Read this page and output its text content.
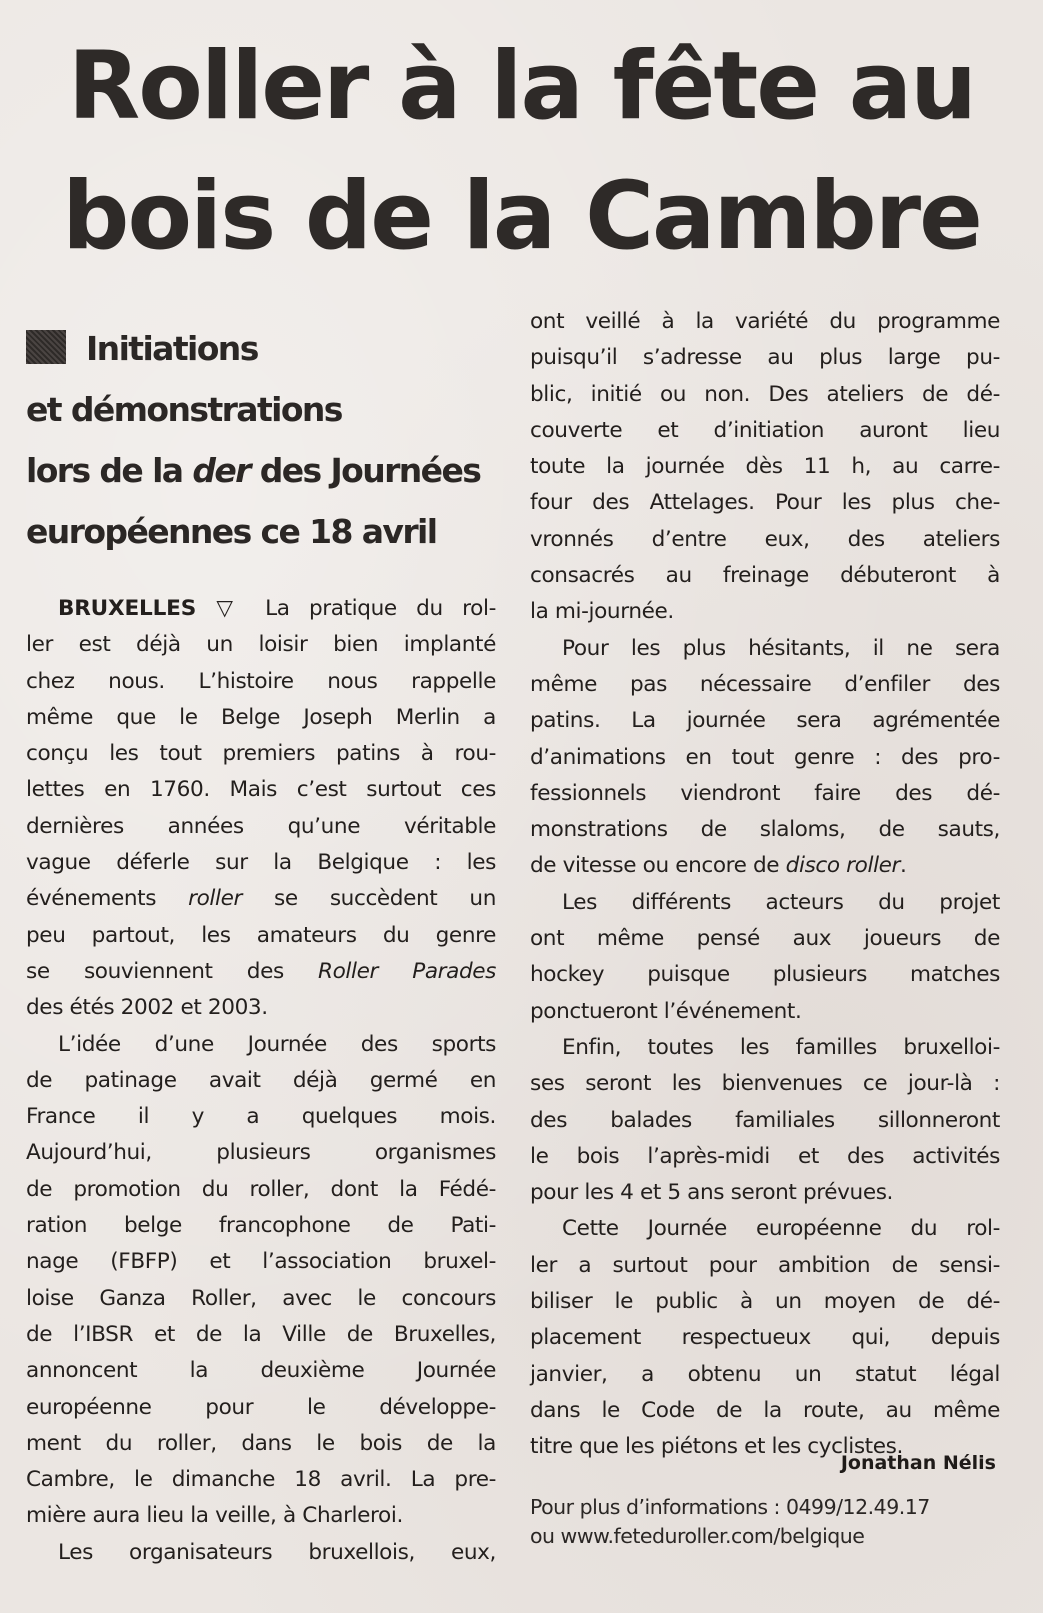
Roller à la fête au
bois de la Cambre
Initiations
et démonstrations
lors de la der des Journées
européennes ce 18 avril

BRUXELLES ▽ La pratique du rol-

ler est déjà un loisir bien implanté

chez nous. L’histoire nous rappelle

même que le Belge Joseph Merlin a

conçu les tout premiers patins à rou-

lettes en 1760. Mais c’est surtout ces

dernières années qu’une véritable

vague déferle sur la Belgique : les

événements roller se succèdent un

peu partout, les amateurs du genre

se souviennent des Roller Parades

des étés 2002 et 2003.

L’idée d’une Journée des sports

de patinage avait déjà germé en

France il y a quelques mois.

Aujourd’hui, plusieurs organismes

de promotion du roller, dont la Fédé-

ration belge francophone de Pati-

nage (FBFP) et l’association bruxel-

loise Ganza Roller, avec le concours

de l’IBSR et de la Ville de Bruxelles,

annoncent la deuxième Journée

européenne pour le développe-

ment du roller, dans le bois de la

Cambre, le dimanche 18 avril. La pre-

mière aura lieu la veille, à Charleroi.

Les organisateurs bruxellois, eux,

ont veillé à la variété du programme

puisqu’il s’adresse au plus large pu-

blic, initié ou non. Des ateliers de dé-

couverte et d’initiation auront lieu

toute la journée dès 11 h, au carre-

four des Attelages. Pour les plus che-

vronnés d’entre eux, des ateliers

consacrés au freinage débuteront à

la mi-journée.

Pour les plus hésitants, il ne sera

même pas nécessaire d’enfiler des

patins. La journée sera agrémentée

d’animations en tout genre : des pro-

fessionnels viendront faire des dé-

monstrations de slaloms, de sauts,

de vitesse ou encore de disco roller.

Les différents acteurs du projet

ont même pensé aux joueurs de

hockey puisque plusieurs matches

ponctueront l’événement.

Enfin, toutes les familles bruxelloi-

ses seront les bienvenues ce jour-là :

des balades familiales sillonneront

le bois l’après-midi et des activités

pour les 4 et 5 ans seront prévues.

Cette Journée européenne du rol-

ler a surtout pour ambition de sensi-

biliser le public à un moyen de dé-

placement respectueux qui, depuis

janvier, a obtenu un statut légal

dans le Code de la route, au même

titre que les piétons et les cyclistes.

Jonathan Nélis

Pour plus d’informations : 0499/12.49.17
ou www.feteduroller.com/belgique
